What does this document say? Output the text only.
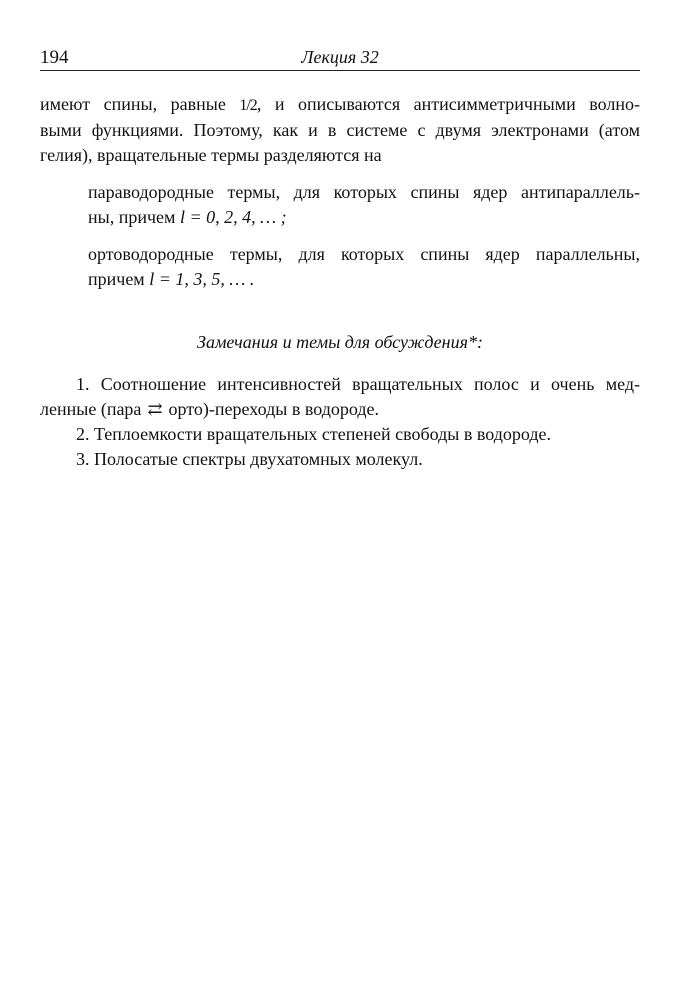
194	Лекция 32
имеют спины, равные 1/2, и описываются антисимметричными волно-
выми функциями. Поэтому, как и в системе с двумя электронами (атом
гелия), вращательные термы разделяются на
параводородные термы, для которых спины ядер антипараллель-
ны, причем l = 0, 2, 4, … ;
ортоводородные термы, для которых спины ядер параллельны,
причем l = 1, 3, 5, … .
Замечания и темы для обсуждения*:
1. Соотношение интенсивностей вращательных полос и очень мед-
ленные (пара ⇄ орто)-переходы в водороде.
2. Теплоемкости вращательных степеней свободы в водороде.
3. Полосатые спектры двухатомных молекул.
